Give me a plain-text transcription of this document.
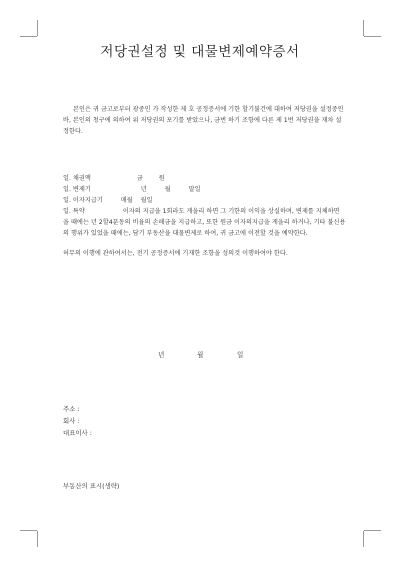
저당권설정 및 대물변제예약증서
본인은 귀 금고로부터 광중인 가 작성한 제 호 공정증서에 기한 할기불건에 대하여 저당권을 설정중인 바, 본인의 청구에 의하여 위 저당권의 포기를 받았으나, 금번 하기 조항에 다른 제 1번 저당권을 재차 설정한다.
일. 채권액	금 원
일. 변제기	년 월 말일
일. 이자지급기	매월 월일
일. 특약	이자의 지급을 1회라도 게을리 하면 그 기한의 이익을 상실하며, 변제를 지체하면 을 때에는 년 2할4푼동의 비율의 손해금을 지급하고, 또한 원금 이자의지급을 게을리 하거나, 기타 불신용의 행위가 있었을 때에는, 담기 부동산을 대물변제로 하여, 귀 금고에 이전할 것을 예약한다.
허무의 이행에 관하여서는, 전기 공정증서에 기재한 조항을 성의것 이행하여야 한다.
년	월	일
주소 :
회사 :
대표이사 :
부동산의 표시(생략)
